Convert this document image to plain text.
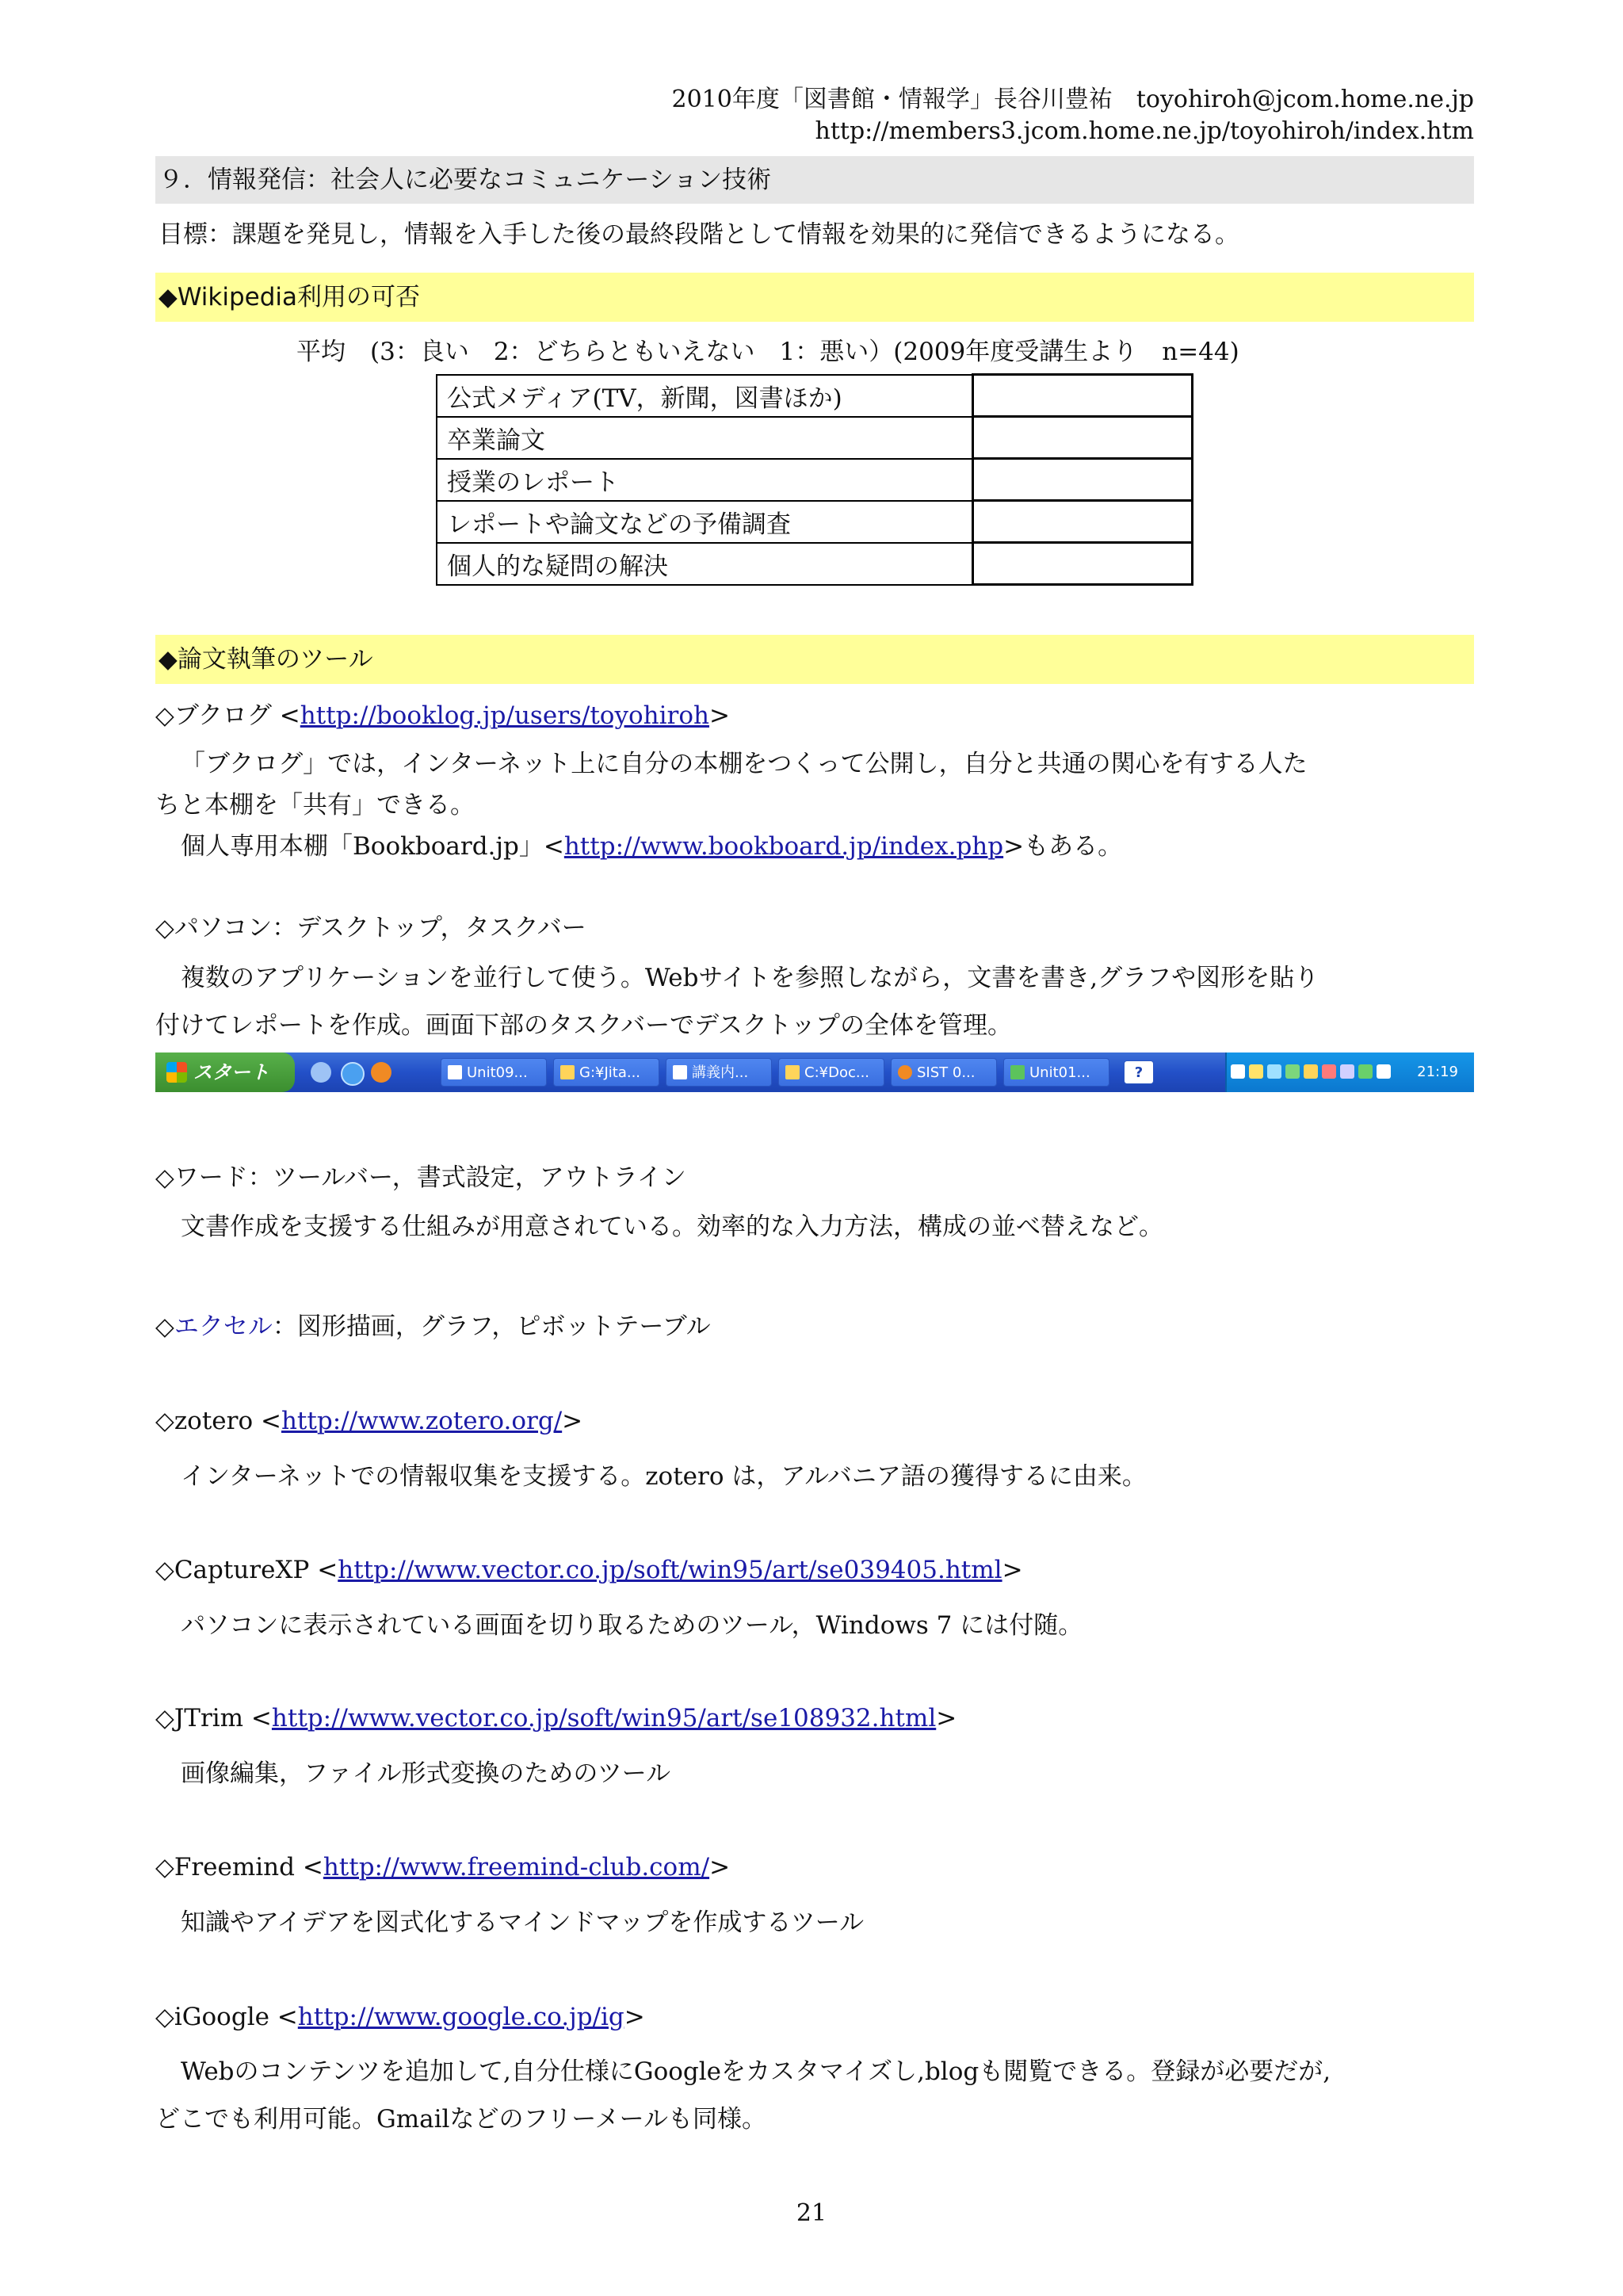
2010年度「図書館・情報学」長谷川豊祐　toyohiroh@jcom.home.ne.jp
http://members3.jcom.home.ne.jp/toyohiroh/index.htm
９．情報発信：社会人に必要なコミュニケーション技術
目標：課題を発見し，情報を入手した後の最終段階として情報を効果的に発信できるようになる。
◆Wikipedia利用の可否
平均　(3：良い　2：どちらともいえない　1：悪い）(2009年度受講生より　n=44)
公式メディア(TV，新聞，図書ほか)	
卒業論文	
授業のレポート	
レポートや論文などの予備調査	
個人的な疑問の解決	
◆論文執筆のツール
◇ブクログ <http://booklog.jp/users/toyohiroh>
「ブクログ」では，インターネット上に自分の本棚をつくって公開し，自分と共通の関心を有する人た
ちと本棚を「共有」できる。
個人専用本棚「Bookboard.jp」<http://www.bookboard.jp/index.php>もある。
◇パソコン：デスクトップ，タスクバー
複数のアプリケーションを並行して使う。Webサイトを参照しながら，文書を書き,グラフや図形を貼り
付けてレポートを作成。画面下部のタスクバーでデスクトップの全体を管理。
スタート	Unit09...	G:¥Jita...	講義内...	C:¥Doc...	SIST 0...	Unit01...	?	21:19
◇ワード：ツールバー，書式設定，アウトライン
文書作成を支援する仕組みが用意されている。効率的な入力方法，構成の並べ替えなど。
◇エクセル：図形描画，グラフ，ピボットテーブル
◇zotero <http://www.zotero.org/>
インターネットでの情報収集を支援する。zotero は，アルバニア語の獲得するに由来。
◇CaptureXP <http://www.vector.co.jp/soft/win95/art/se039405.html>
パソコンに表示されている画面を切り取るためのツール，Windows 7 には付随。
◇JTrim <http://www.vector.co.jp/soft/win95/art/se108932.html>
画像編集，ファイル形式変換のためのツール
◇Freemind <http://www.freemind-club.com/>
知識やアイデアを図式化するマインドマップを作成するツール
◇iGoogle <http://www.google.co.jp/ig>
Webのコンテンツを追加して,自分仕様にGoogleをカスタマイズし,blogも閲覧できる。登録が必要だが,
どこでも利用可能。Gmailなどのフリーメールも同様。
21
